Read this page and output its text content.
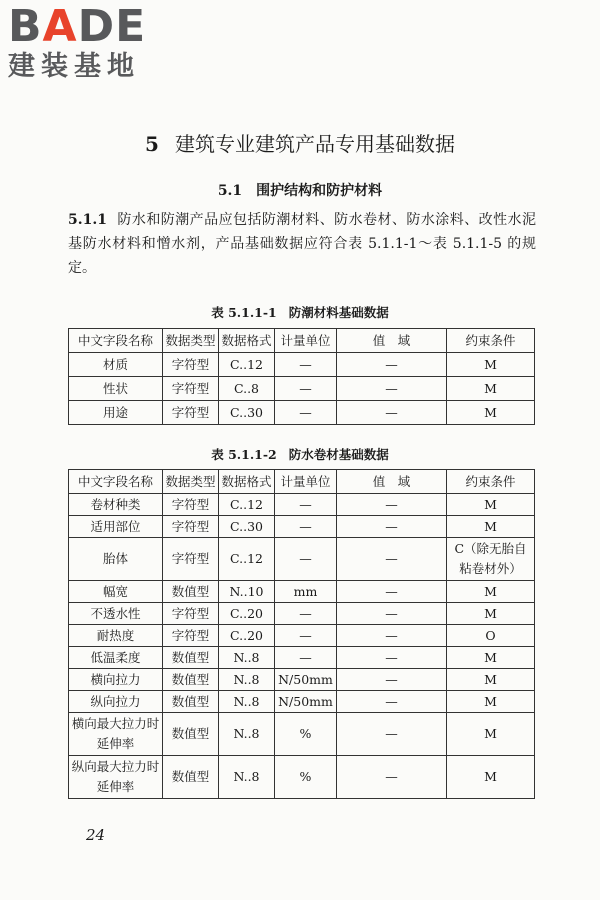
BADE
建装基地
5 建筑专业建筑产品专用基础数据
5.1 围护结构和防护材料
5.1.1 防水和防潮产品应包括防潮材料、防水卷材、防水涂料、改性水泥基防水材料和憎水剂，产品基础数据应符合表 5.1.1-1～表 5.1.1-5 的规定。
表 5.1.1-1 防潮材料基础数据
中文字段名称	数据类型	数据格式	计量单位	值　域	约束条件
材质	字符型	C..12	—	—	M
性状	字符型	C..8	—	—	M
用途	字符型	C..30	—	—	M
表 5.1.1-2 防水卷材基础数据
中文字段名称	数据类型	数据格式	计量单位	值　域	约束条件
卷材种类	字符型	C..12	—	—	M
适用部位	字符型	C..30	—	—	M
胎体	字符型	C..12	—	—	C（除无胎自粘卷材外）
幅宽	数值型	N..10	mm	—	M
不透水性	字符型	C..20	—	—	M
耐热度	字符型	C..20	—	—	O
低温柔度	数值型	N..8	—	—	M
横向拉力	数值型	N..8	N/50mm	—	M
纵向拉力	数值型	N..8	N/50mm	—	M
横向最大拉力时延伸率	数值型	N..8	%	—	M
纵向最大拉力时延伸率	数值型	N..8	%	—	M
24
